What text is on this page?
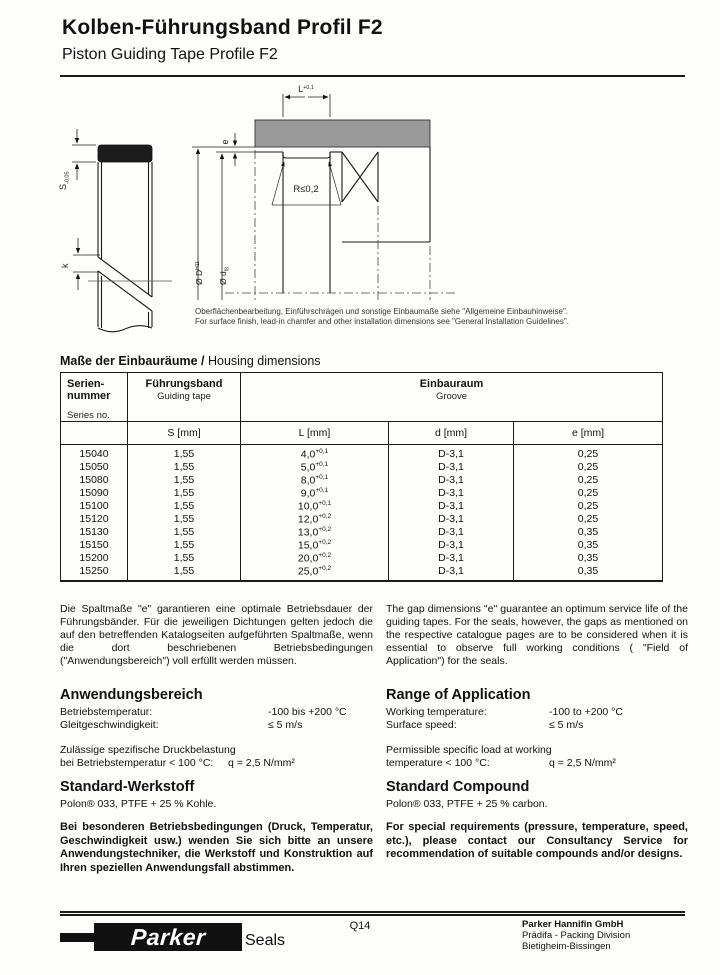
Kolben-Führungsband Profil F2
Piston Guiding Tape Profile F2
$S_{-0,05}$
k
$L^{+0,1}$
e
Ø $D^{H11}$
Ø $d_{f8}$
R≤0,2
Oberflächenbearbeitung, Einführschrägen und sonstige Einbaumaße siehe "Allgemeine Einbauhinweise".
For surface finish, lead-in chamfer and other installation dimensions see "General Installation Guidelines".
Maße der Einbauräume / Housing dimensions
Serien-
nummer
Series no.

Führungsband
Guiding tape

Einbauraum
Groove

	S [mm]	L [mm]	d [mm]	e [mm]
15040	1,55	$4,0^{+0,1}$	D-3,1	0,25
15050	1,55	$5,0^{+0,1}$	D-3,1	0,25
15080	1,55	$8,0^{+0,1}$	D-3,1	0,25
15090	1,55	$9,0^{+0,1}$	D-3,1	0,25
15100	1,55	$10,0^{+0,1}$	D-3,1	0,25
15120	1,55	$12,0^{+0,2}$	D-3,1	0,25
15130	1,55	$13,0^{+0,2}$	D-3,1	0,35
15150	1,55	$15,0^{+0,2}$	D-3,1	0,35
15200	1,55	$20,0^{+0,2}$	D-3,1	0,35
15250	1,55	$25,0^{+0,2}$	D-3,1	0,35

Die Spaltmaße "e" garantieren eine optimale Betriebsdauer der Führungsbänder. Für die jeweiligen Dichtungen gelten jedoch die auf den betreffenden Katalogseiten aufgeführten Spaltmaße, wenn die dort beschriebenen Betriebsbedingungen ("Anwendungsbereich") voll erfüllt werden müssen.

The gap dimensions "e" guarantee an optimum service life of the guiding tapes. For the seals, however, the gaps as mentioned on the respective catalogue pages are to be considered when it is essential to observe full working conditions ( "Field of Application") for the seals.

Anwendungsbereich
Betriebstemperatur:	-100 bis +200 °C
Gleitgeschwindigkeit:	≤ 5 m/s
Zulässige spezifische Druckbelastung
bei Betriebstemperatur < 100 °C:	q = 2,5 N/mm²
Range of Application
Working temperature:	-100 to +200 °C
Surface speed:	≤ 5 m/s
Permissible specific load at working
temperature < 100 °C:	q = 2,5 N/mm²
Standard-Werkstoff
Polon® 033, PTFE + 25 % Kohle.

Bei besonderen Betriebsbedingungen (Druck, Temperatur, Geschwindigkeit usw.) wenden Sie sich bitte an unsere Anwendungstechniker, die Werkstoff und Konstruktion auf Ihren speziellen Anwendungsfall abstimmen.

Standard Compound
Polon® 033, PTFE + 25 % carbon.

For special requirements (pressure, temperature, speed, etc.), please contact our Consultancy Service for recommendation of suitable compounds and/or designs.

Parker Seals
Q14	Parker Hannifin GmbH
Prädifa - Packing Division
Bietigheim-Bissingen
